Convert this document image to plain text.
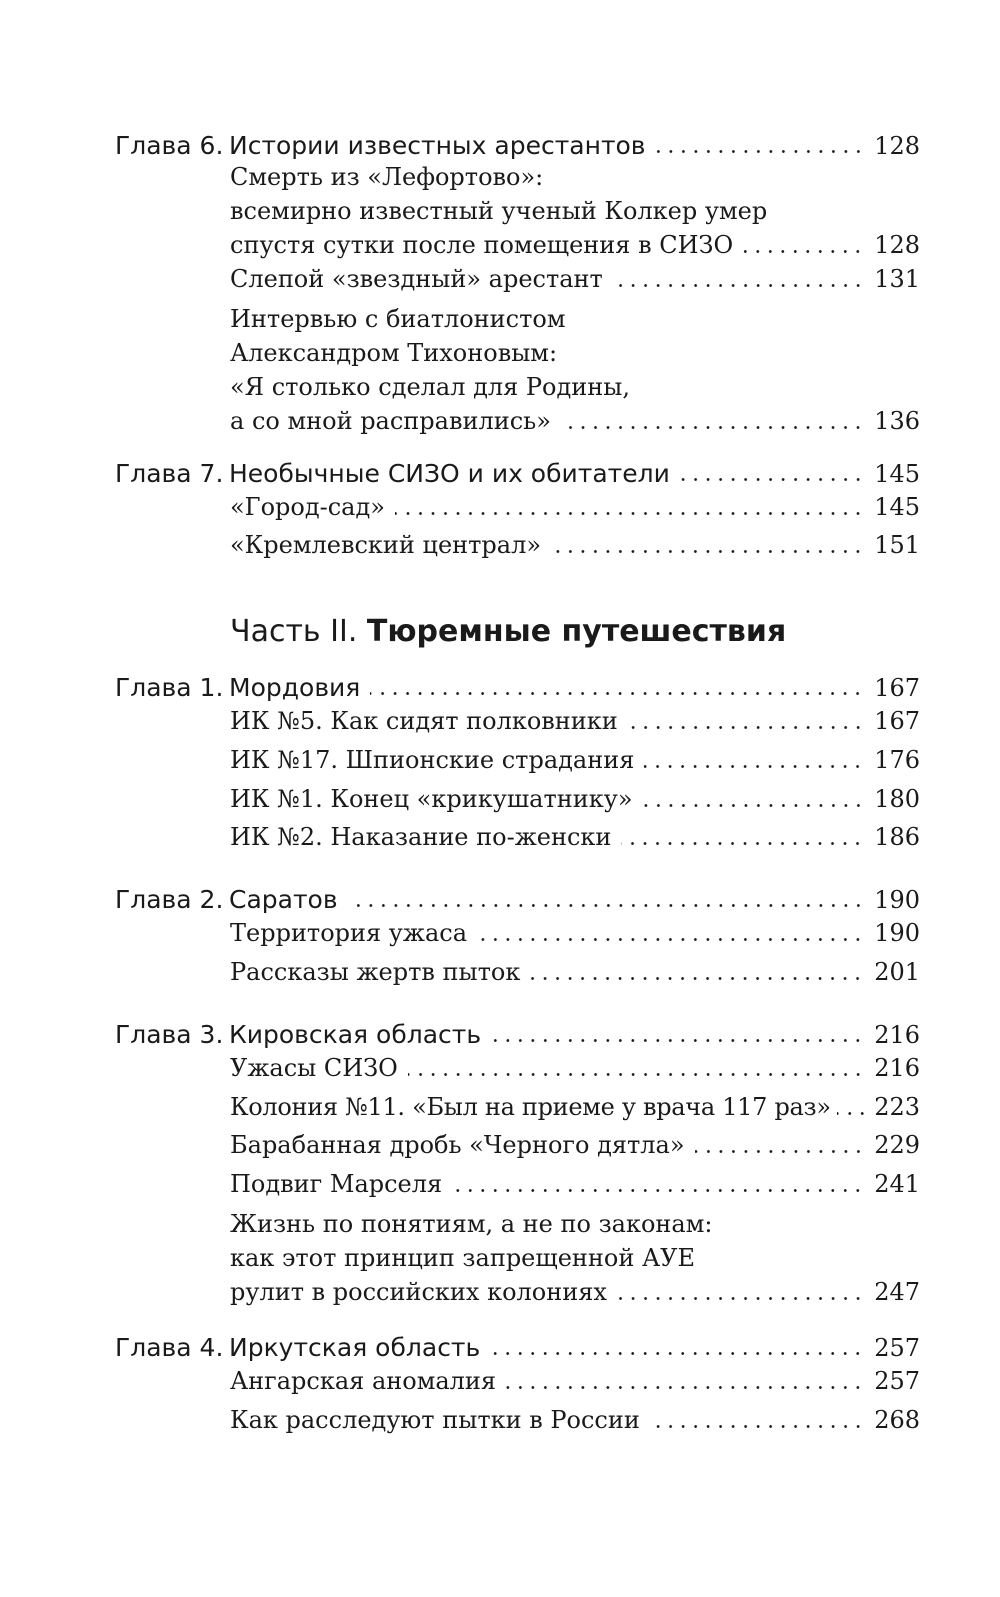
Глава 6. Истории известных арестантов	128
Смерть из «Лефортово»:
всемирно известный ученый Колкер умер
спустя сутки после помещения в СИЗО	128
Слепой «звездный» арестант	131
Интервью с биатлонистом
Александром Тихоновым:
«Я столько сделал для Родины,
а со мной расправились»	136
Глава 7. Необычные СИЗО и их обитатели	145
«Город-сад»	145
«Кремлевский централ»	151
Часть II. Тюремные путешествия
Глава 1. Мордовия	167
ИК №5. Как сидят полковники	167
ИК №17. Шпионские страдания	176
ИК №1. Конец «крикушатнику»	180
ИК №2. Наказание по-женски	186
Глава 2. Саратов	190
Территория ужаса	190
Рассказы жертв пыток	201
Глава 3. Кировская область	216
Ужасы СИЗО	216
Колония №11. «Был на приеме у врача 117 раз» 223
Барабанная дробь «Черного дятла»	229
Подвиг Марселя	241
Жизнь по понятиям, а не по законам:
как этот принцип запрещенной АУЕ
рулит в российских колониях	247
Глава 4. Иркутская область	257
Ангарская аномалия	257
Как расследуют пытки в России	268
